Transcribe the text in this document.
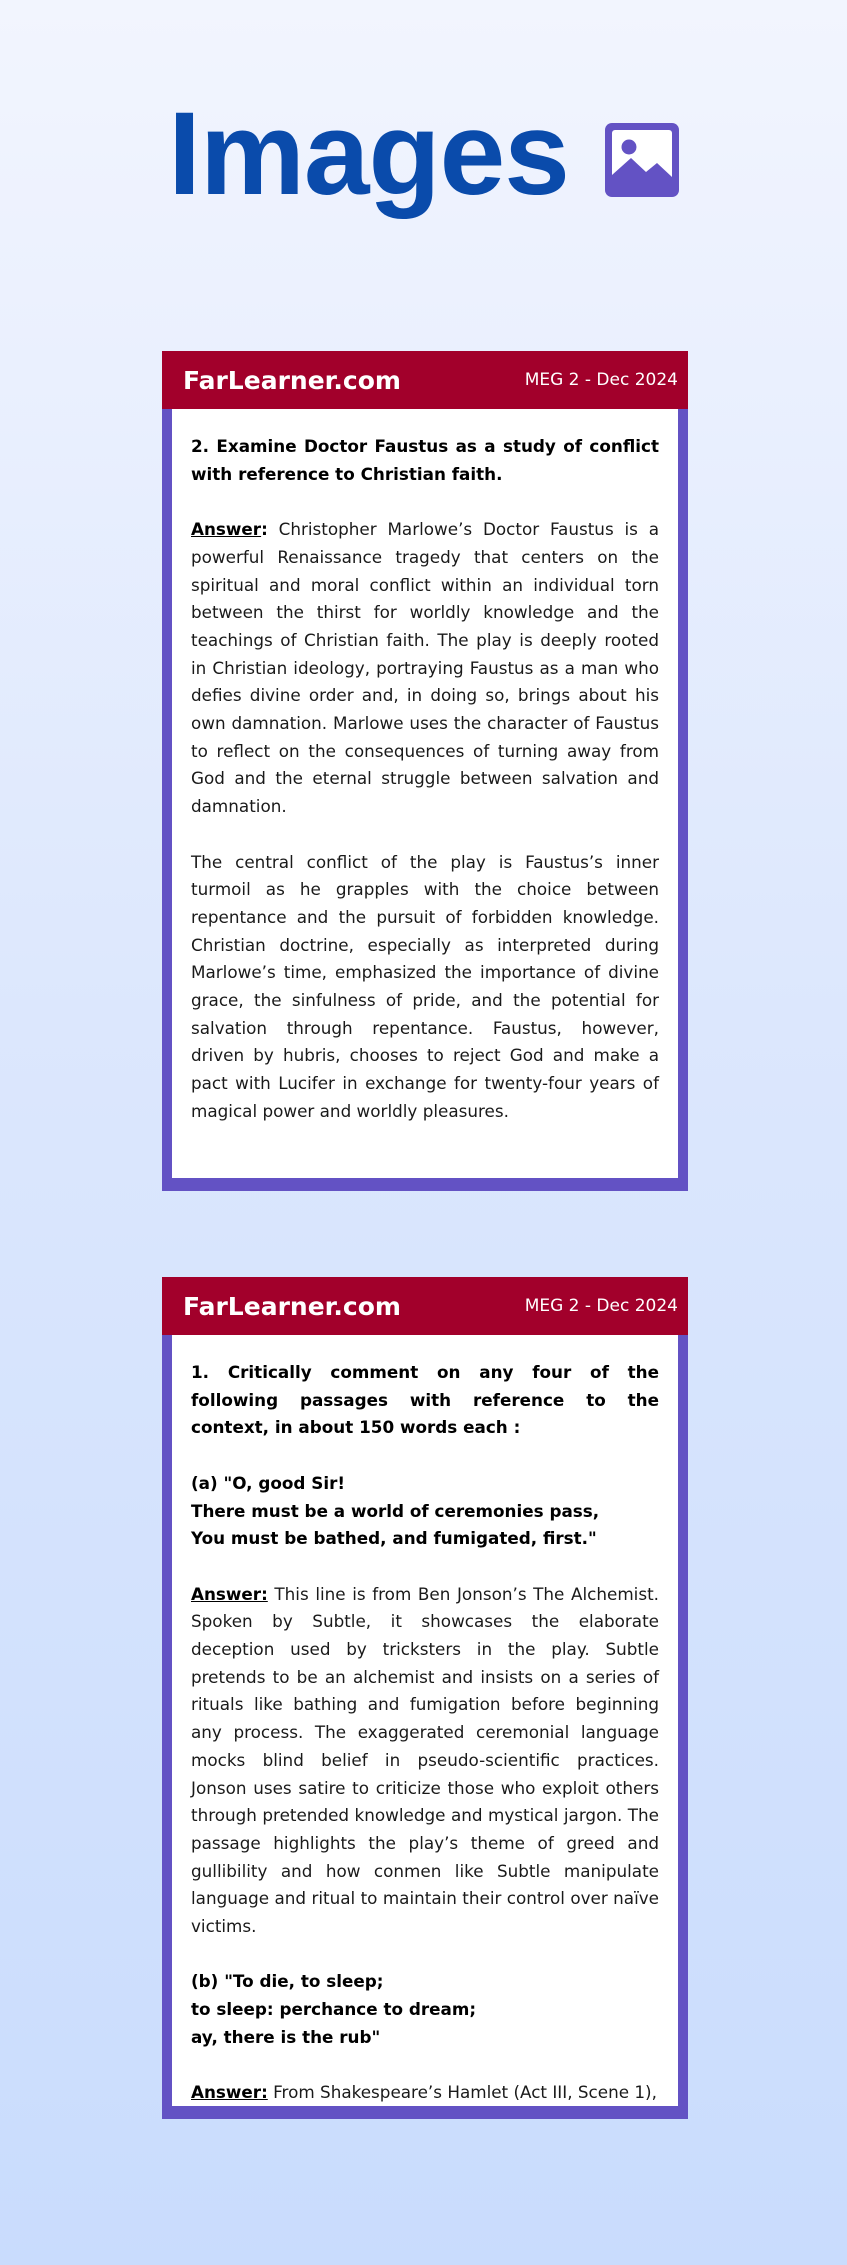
Images
FarLearner.com	MEG 2 - Dec 2024

2. Examine Doctor Faustus as a study of conflict with reference to Christian faith.

Answer: Christopher Marlowe’s Doctor Faustus is a powerful Renaissance tragedy that centers on the spiritual and moral conflict within an individual torn between the thirst for worldly knowledge and the teachings of Christian faith. The play is deeply rooted in Christian ideology, portraying Faustus as a man who defies divine order and, in doing so, brings about his own damnation. Marlowe uses the character of Faustus to reflect on the consequences of turning away from God and the eternal struggle between salvation and damnation.

The central conflict of the play is Faustus’s inner turmoil as he grapples with the choice between repentance and the pursuit of forbidden knowledge. Christian doctrine, especially as interpreted during Marlowe’s time, emphasized the importance of divine grace, the sinfulness of pride, and the potential for salvation through repentance. Faustus, however, driven by hubris, chooses to reject God and make a pact with Lucifer in exchange for twenty-four years of magical power and worldly pleasures.

FarLearner.com	MEG 2 - Dec 2024

1. Critically comment on any four of the following passages with reference to the context, in about 150 words each :

(a) "O, good Sir!
There must be a world of ceremonies pass,
You must be bathed, and fumigated, first."

Answer: This line is from Ben Jonson’s The Alchemist. Spoken by Subtle, it showcases the elaborate deception used by tricksters in the play. Subtle pretends to be an alchemist and insists on a series of rituals like bathing and fumigation before beginning any process. The exaggerated ceremonial language mocks blind belief in pseudo-scientific practices. Jonson uses satire to criticize those who exploit others through pretended knowledge and mystical jargon. The passage highlights the play’s theme of greed and gullibility and how conmen like Subtle manipulate language and ritual to maintain their control over naïve victims.

(b) "To die, to sleep;
to sleep: perchance to dream;
ay, there is the rub"

Answer: From Shakespeare’s Hamlet (Act III, Scene 1),
